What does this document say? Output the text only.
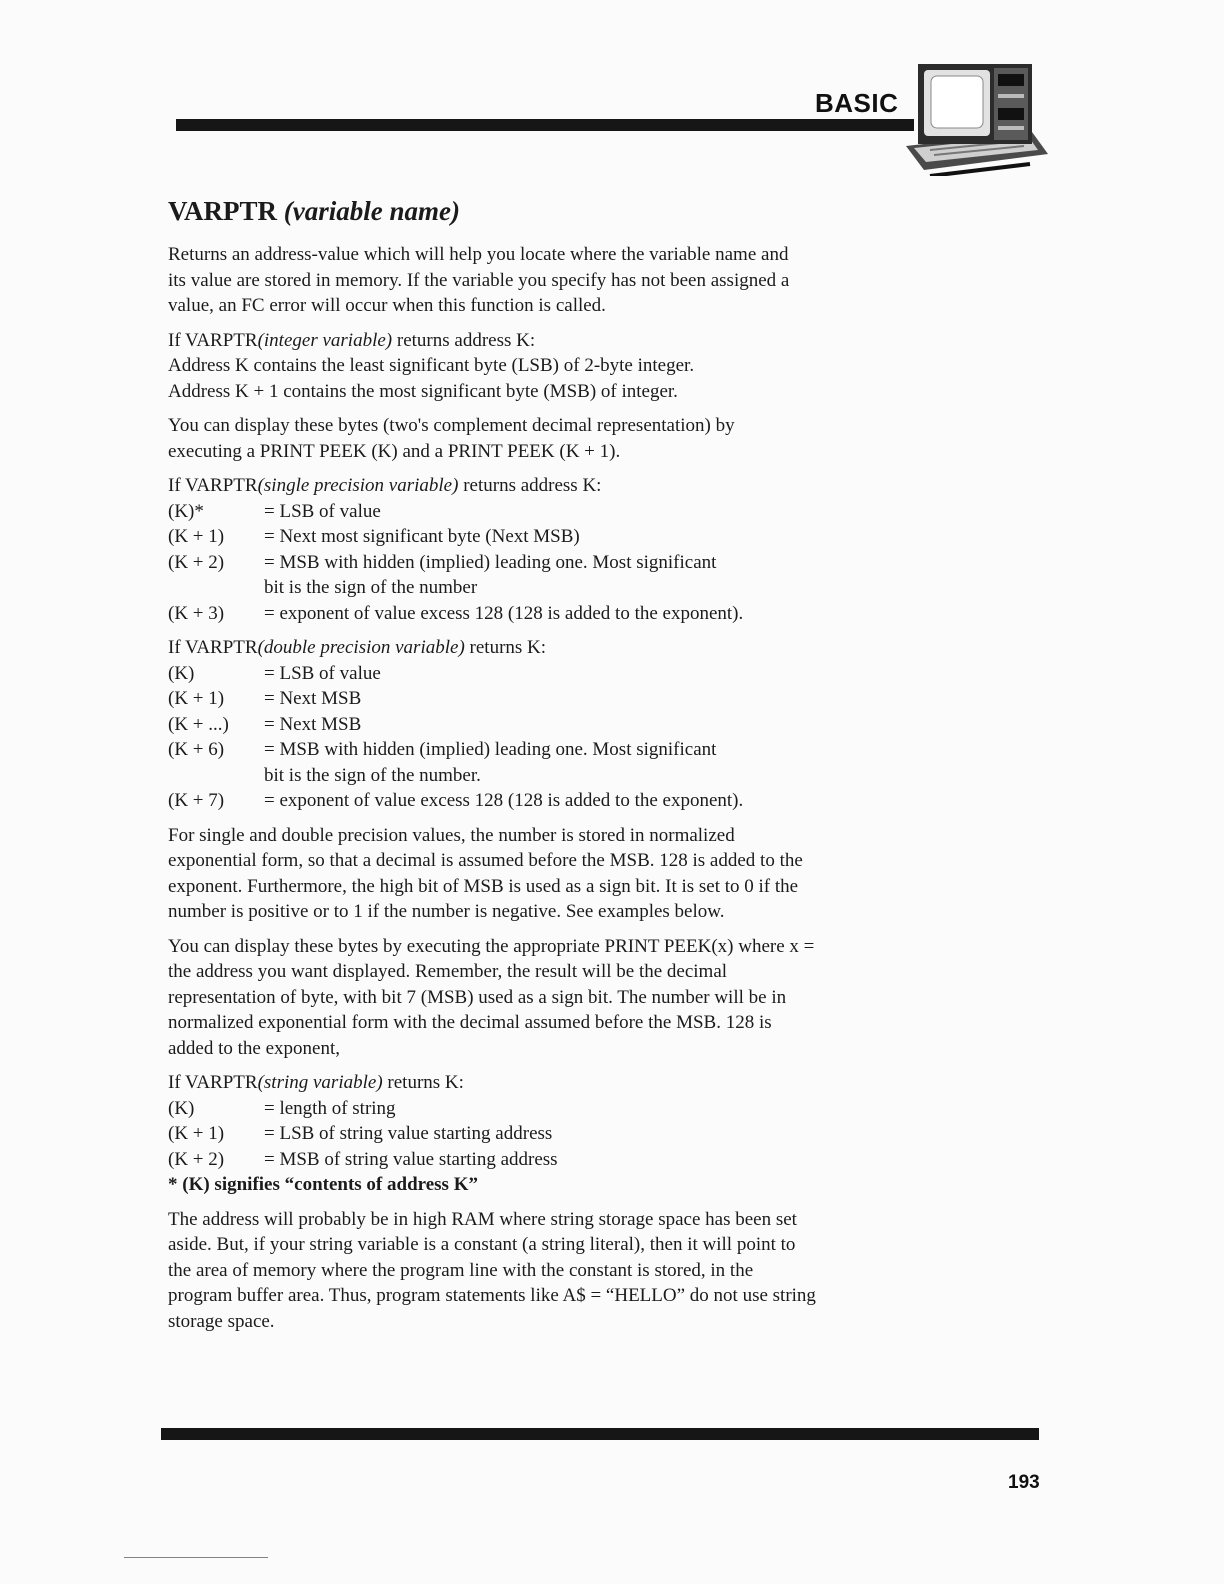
BASIC
VARPTR (variable name)

Returns an address-value which will help you locate where the variable name and
its value are stored in memory. If the variable you specify has not been assigned a
value, an FC error will occur when this function is called.

If VARPTR(integer variable) returns address K:
Address K contains the least significant byte (LSB) of 2-byte integer.
Address K + 1 contains the most significant byte (MSB) of integer.

You can display these bytes (two's complement decimal representation) by
executing a PRINT PEEK (K) and a PRINT PEEK (K + 1).

If VARPTR(single precision variable) returns address K:
(K)*	= LSB of value
(K + 1)	= Next most significant byte (Next MSB)
(K + 2)	= MSB with hidden (implied) leading one. Most significant
bit is the sign of the number
(K + 3)	= exponent of value excess 128 (128 is added to the exponent).
If VARPTR(double precision variable) returns K:
(K)	= LSB of value
(K + 1)	= Next MSB
(K + ...)	= Next MSB
(K + 6)	= MSB with hidden (implied) leading one. Most significant
bit is the sign of the number.
(K + 7)	= exponent of value excess 128 (128 is added to the exponent).

For single and double precision values, the number is stored in normalized
exponential form, so that a decimal is assumed before the MSB. 128 is added to the
exponent. Furthermore, the high bit of MSB is used as a sign bit. It is set to 0 if the
number is positive or to 1 if the number is negative. See examples below.

You can display these bytes by executing the appropriate PRINT PEEK(x) where x =
the address you want displayed. Remember, the result will be the decimal
representation of byte, with bit 7 (MSB) used as a sign bit. The number will be in
normalized exponential form with the decimal assumed before the MSB. 128 is
added to the exponent,

If VARPTR(string variable) returns K:
(K)	= length of string
(K + 1)	= LSB of string value starting address
(K + 2)	= MSB of string value starting address
* (K) signifies “contents of address K”

The address will probably be in high RAM where string storage space has been set
aside. But, if your string variable is a constant (a string literal), then it will point to
the area of memory where the program line with the constant is stored, in the
program buffer area. Thus, program statements like A$ = “HELLO” do not use string
storage space.

193
